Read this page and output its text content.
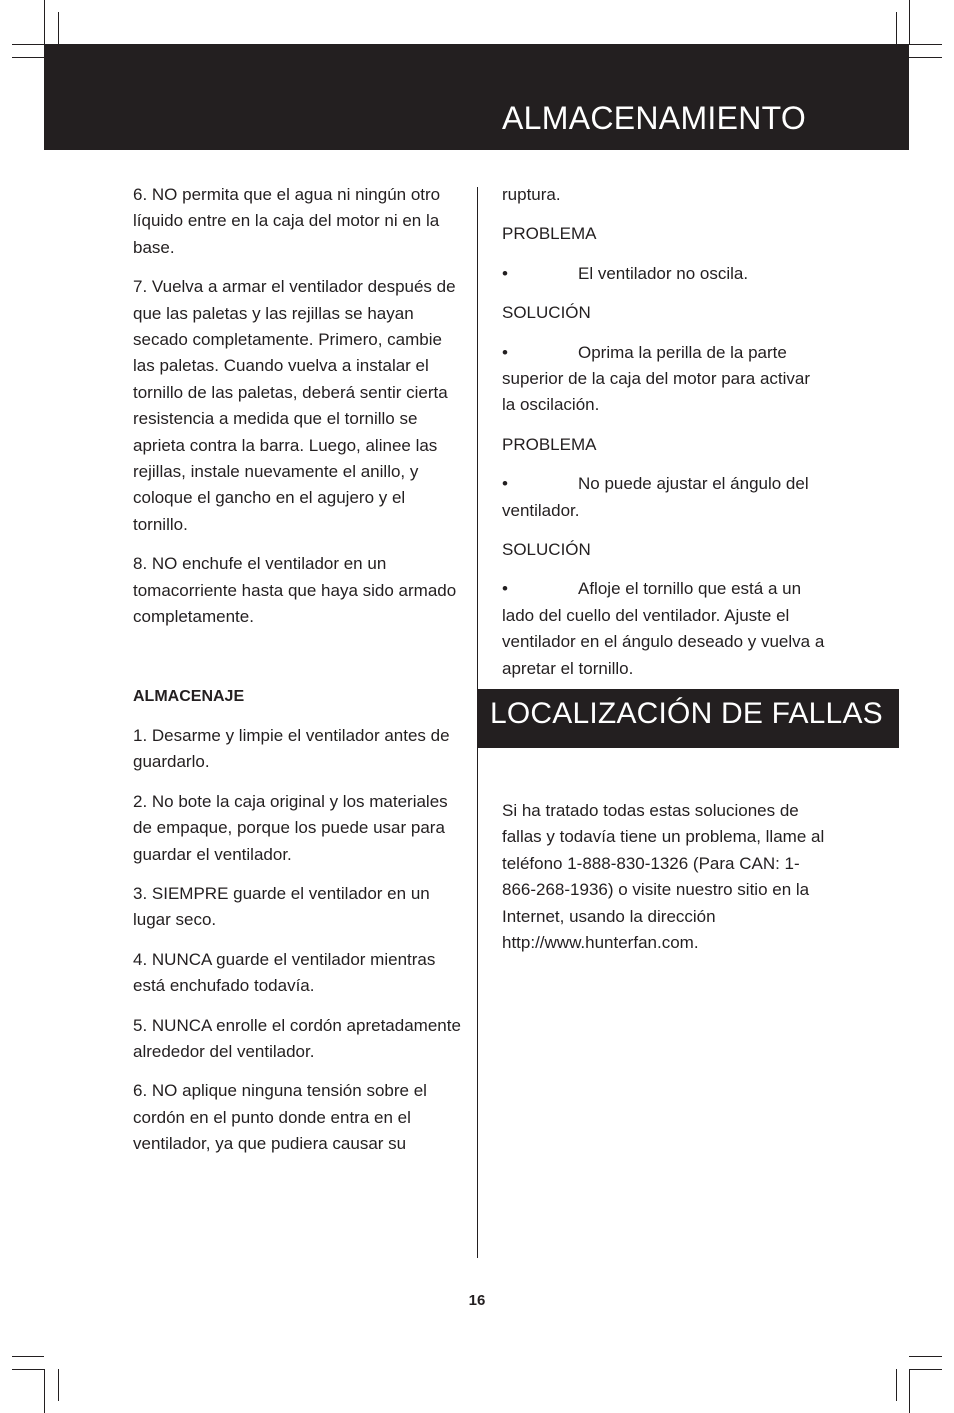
ALMACENAMIENTO

6. NO permita que el agua ni ningún otro líquido entre en la caja del motor ni en la base.

7. Vuelva a armar el ventilador después de que las paletas y las rejillas se hayan secado completamente. Primero, cambie las paletas. Cuando vuelva a instalar el tornillo de las paletas, deberá sentir cierta resistencia a medida que el tornillo se aprieta contra la barra. Luego, alinee las rejillas, instale nuevamente el anillo, y coloque el gancho en el agujero y el tornillo.

8. NO enchufe el ventilador en un tomacorriente hasta que haya sido armado completamente.

ALMACENAJE

1. Desarme y limpie el ventilador antes de guardarlo.

2. No bote la caja original y los materiales de empaque, porque los puede usar para guardar el ventilador.

3. SIEMPRE guarde el ventilador en un lugar seco.

4. NUNCA guarde el ventilador mientras está enchufado todavía.

5. NUNCA enrolle el cordón apretadamente alrededor del ventilador.

6. NO aplique ninguna tensión sobre el cordón en el punto donde entra en el ventilador, ya que pudiera causar su

ruptura.

PROBLEMA

•	El ventilador no oscila.

SOLUCIÓN

•	Oprima la perilla de la parte superior de la caja del motor para activar la oscilación.

PROBLEMA

•	No puede ajustar el ángulo del ventilador.

SOLUCIÓN

•	Afloje el tornillo que está a un lado del cuello del ventilador. Ajuste el ventilador en el ángulo deseado y vuelva a apretar el tornillo.

LOCALIZACIÓN DE FALLAS

Si ha tratado todas estas soluciones de fallas y todavía tiene un problema, llame al teléfono 1-888-830-1326 (Para CAN: 1-866-268-1936) o visite nuestro sitio en la Internet, usando la dirección http://www.hunterfan.com.

16
